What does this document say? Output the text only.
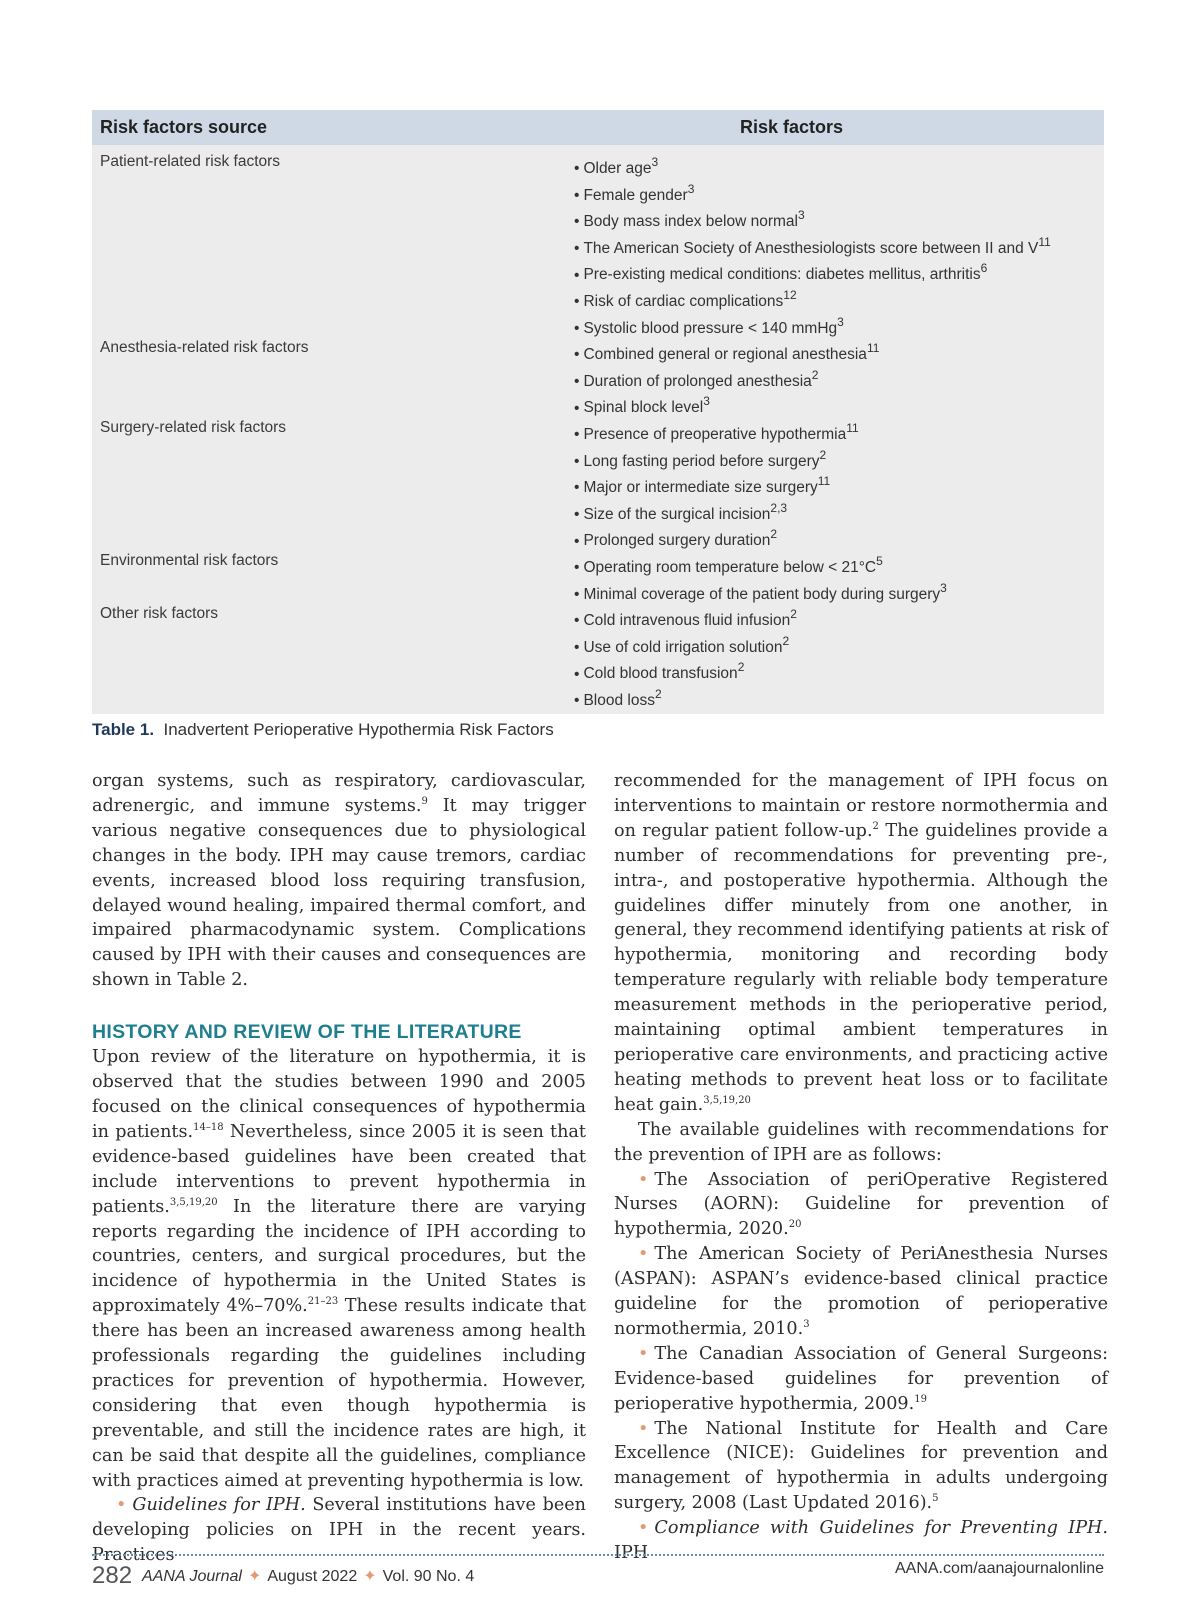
Risk factors source	Risk factors
Patient-related risk factors	• Older age$^3$
• Female gender$^3$
• Body mass index below normal$^3$
• The American Society of Anesthesiologists score between II and $V^{11}$
• Pre-existing medical conditions: diabetes mellitus, arthritis$^6$
• Risk of cardiac complications$^{12}$
• Systolic blood pressure < 140 mmHg$^3$
Anesthesia-related risk factors	• Combined general or regional anesthesia$^{11}$
• Duration of prolonged anesthesia$^2$
• Spinal block level$^3$
Surgery-related risk factors	• Presence of preoperative hypothermia$^{11}$
• Long fasting period before surgery$^2$
• Major or intermediate size surgery$^{11}$
• Size of the surgical incision$^{2,3}$
• Prolonged surgery duration$^2$
Environmental risk factors	• Operating room temperature below < $21^\circ C^5$
• Minimal coverage of the patient body during surgery$^3$
Other risk factors	• Cold intravenous fluid infusion$^2$
• Use of cold irrigation solution$^2$
• Cold blood transfusion$^2$
• Blood loss$^2$
Table 1. Inadvertent Perioperative Hypothermia Risk Factors

organ systems, such as respiratory, cardiovascular, adrenergic, and immune systems.$^9$ It may trigger various negative consequences due to physiological changes in the body. IPH may cause tremors, cardiac events, increased blood loss requiring transfusion, delayed wound healing, impaired thermal comfort, and impaired pharmacodynamic system. Complications caused by IPH with their causes and consequences are shown in Table 2.

HISTORY AND REVIEW OF THE LITERATURE

Upon review of the literature on hypothermia, it is observed that the studies between 1990 and 2005 focused on the clinical consequences of hypothermia in patients.$^{14-18}$ Nevertheless, since 2005 it is seen that evidence-based guidelines have been created that include interventions to prevent hypothermia in patients.$^{3,5,19,20}$ In the literature there are varying reports regarding the incidence of IPH according to countries, centers, and surgical procedures, but the incidence of hypothermia in the United States is approximately 4%–70%.$^{21-23}$ These results indicate that there has been an increased awareness among health professionals regarding the guidelines including practices for prevention of hypothermia. However, considering that even though hypothermia is preventable, and still the incidence rates are high, it can be said that despite all the guidelines, compliance with practices aimed at preventing hypothermia is low.

• Guidelines for IPH. Several institutions have been developing policies on IPH in the recent years. Practices

recommended for the management of IPH focus on interventions to maintain or restore normothermia and on regular patient follow-up.$^2$ The guidelines provide a number of recommendations for preventing pre-, intra-, and postoperative hypothermia. Although the guidelines differ minutely from one another, in general, they recommend identifying patients at risk of hypothermia, monitoring and recording body temperature regularly with reliable body temperature measurement methods in the perioperative period, maintaining optimal ambient temperatures in perioperative care environments, and practicing active heating methods to prevent heat loss or to facilitate heat gain.$^{3,5,19,20}$

The available guidelines with recommendations for the prevention of IPH are as follows:

• The Association of periOperative Registered Nurses (AORN): Guideline for prevention of hypothermia, 2020.20

• The American Society of PeriAnesthesia Nurses (ASPAN): ASPAN’s evidence-based clinical practice guideline for the promotion of perioperative normothermia, 2010.$^3$

• The Canadian Association of General Surgeons: Evidence-based guidelines for prevention of perioperative hypothermia, 2009.19

• The National Institute for Health and Care Excellence (NICE): Guidelines for prevention and management of hypothermia in adults undergoing surgery, 2008 (Last Updated 2016).$^5$

• Compliance with Guidelines for Preventing IPH. IPH

282 AANA Journal ✦ August 2022 ✦ Vol. 90 No. 4	AANA.com/aanajournalonline
